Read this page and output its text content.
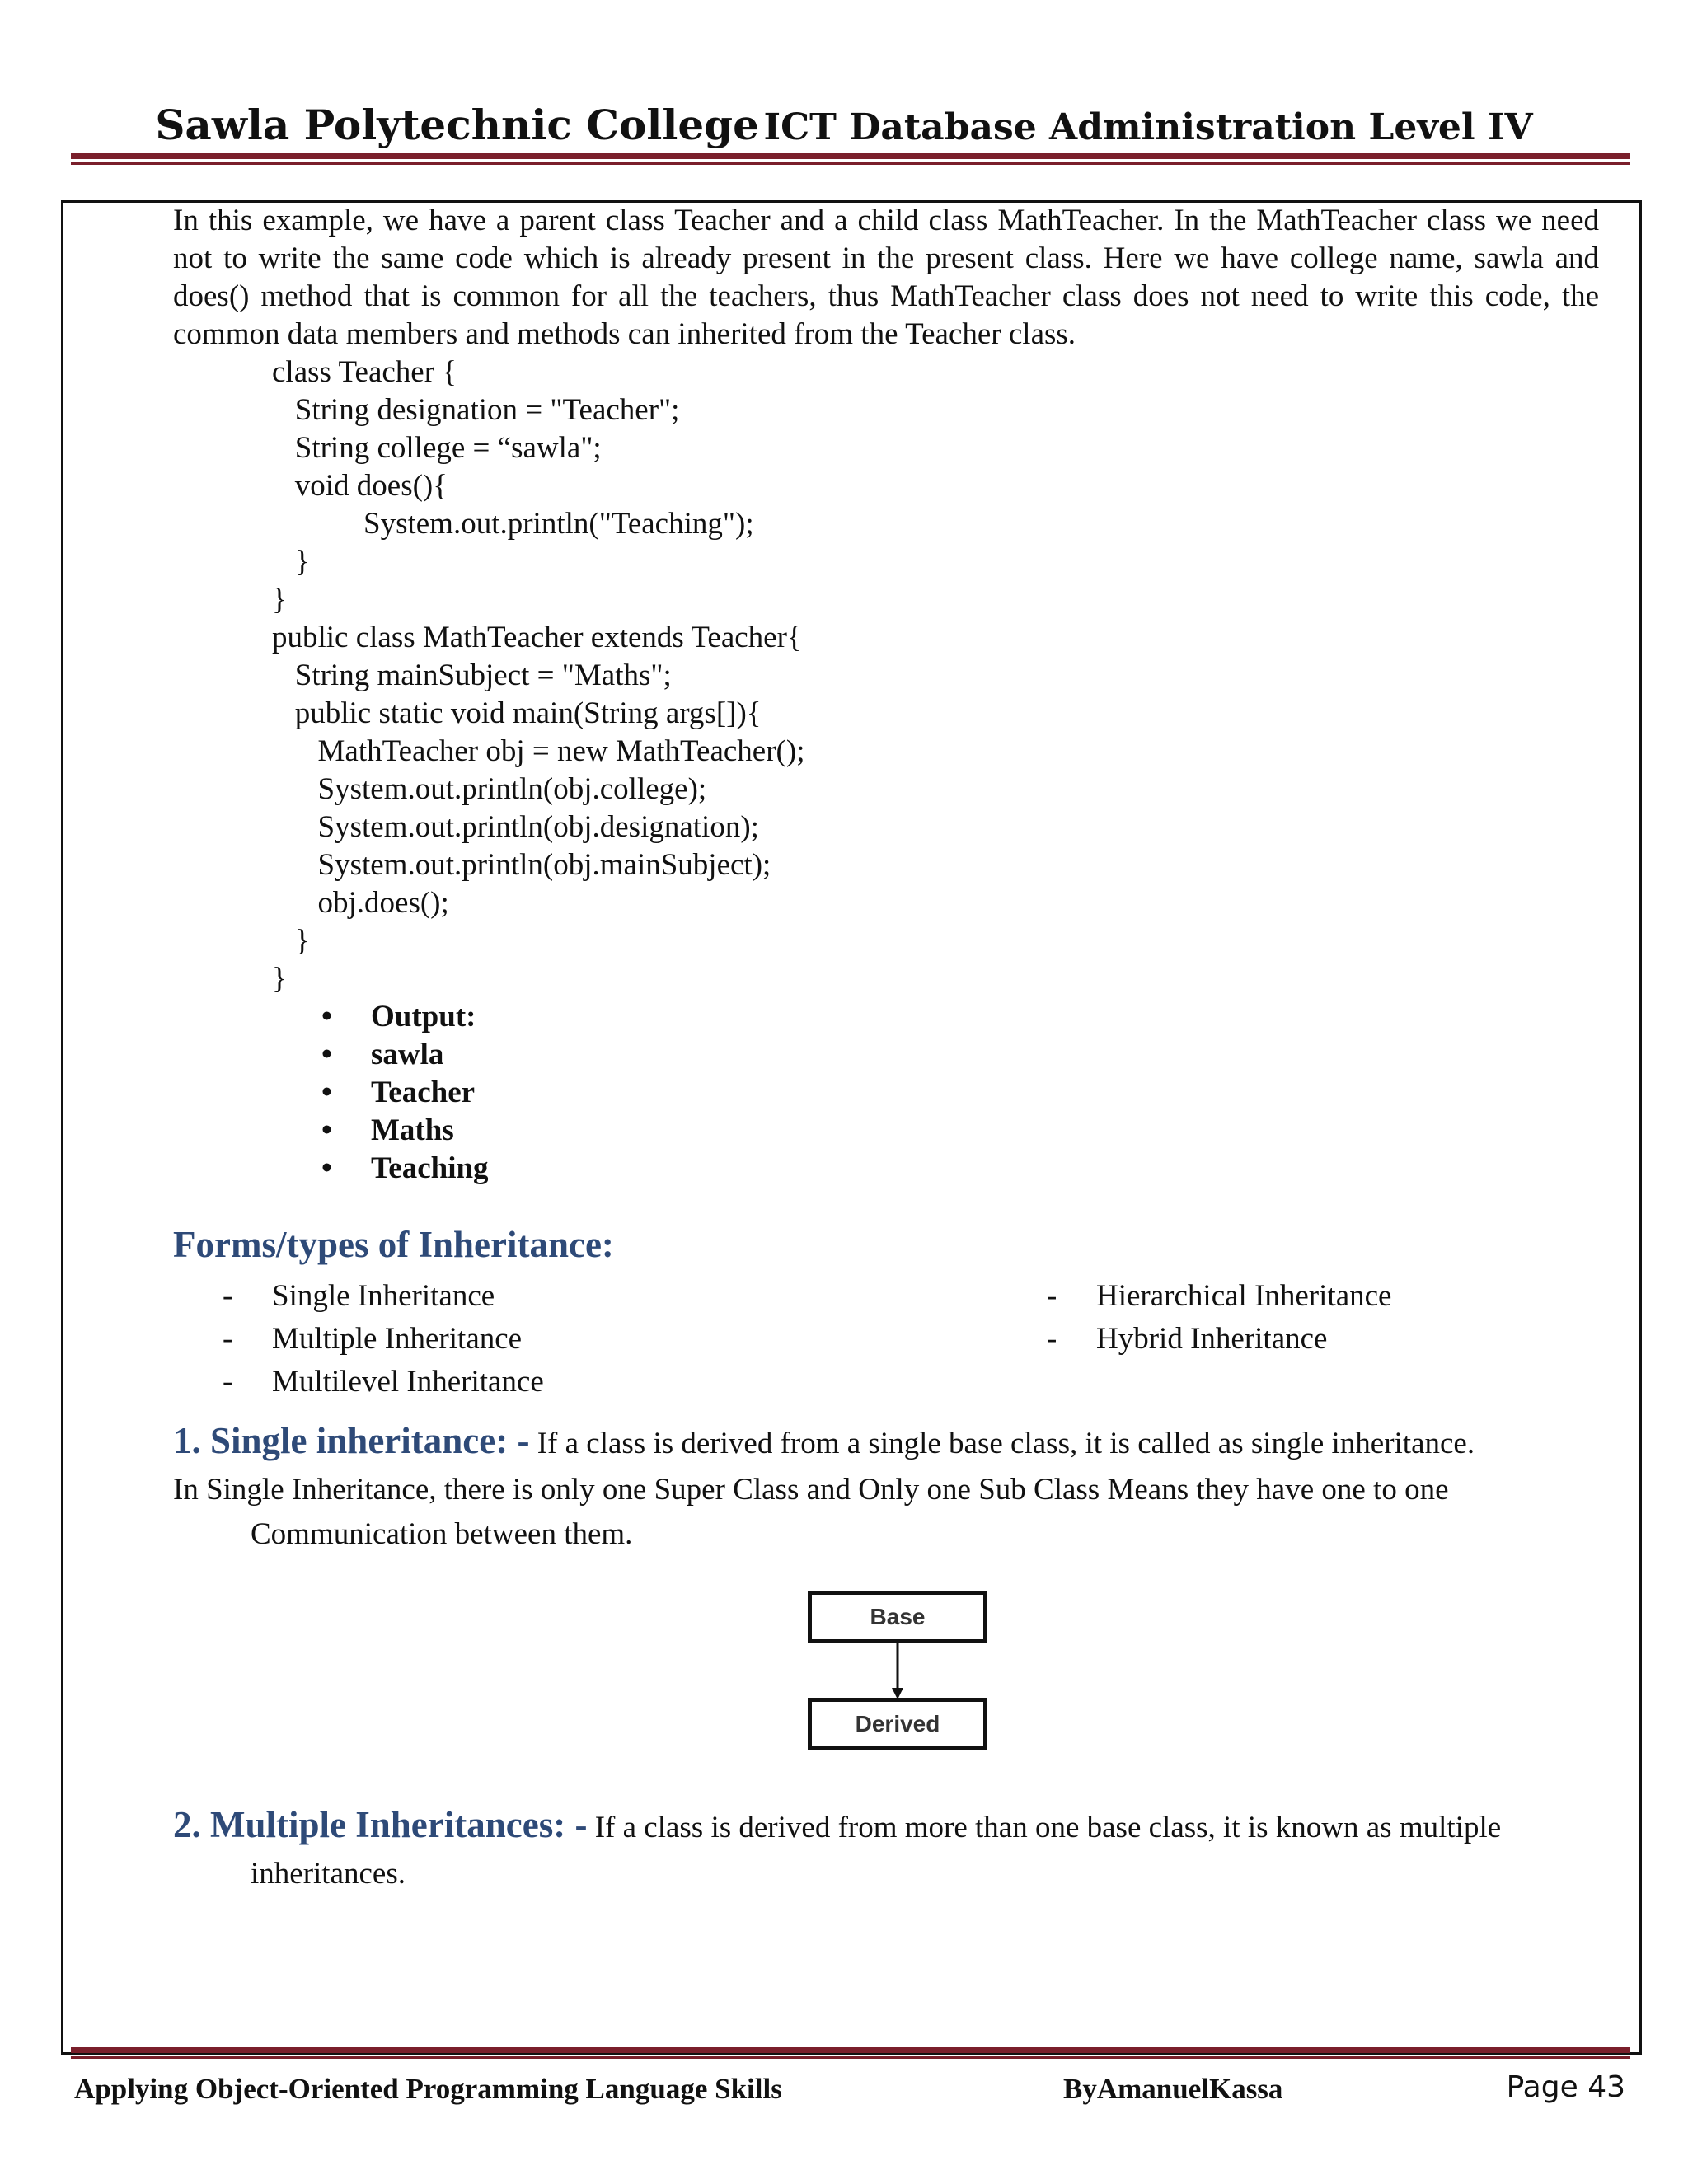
Sawla Polytechnic College ICT Database Administration Level IV

In this example, we have a parent class Teacher and a child class MathTeacher. In the MathTeacher class we need not to write the same code which is already present in the present class. Here we have college name, sawla and does() method that is common for all the teachers, thus MathTeacher class does not need to write this code, the common data members and methods can inherited from the Teacher class.

class Teacher {
String designation = "Teacher";
String college = “sawla";
void does(){
System.out.println("Teaching");
}
}
public class MathTeacher extends Teacher{
String mainSubject = "Maths";
public static void main(String args[]){
MathTeacher obj = new MathTeacher();
System.out.println(obj.college);
System.out.println(obj.designation);
System.out.println(obj.mainSubject);
obj.does();
}
}
• Output:
• sawla
• Teacher
• Maths
• Teaching
Forms/types of Inheritance:
- Single Inheritance
- Multiple Inheritance
- Multilevel Inheritance
- Hierarchical Inheritance
- Hybrid Inheritance
1. Single inheritance: - If a class is derived from a single base class, it is called as single inheritance.
In Single Inheritance, there is only one Super Class and Only one Sub Class Means they have one to one
Communication between them.
2. Multiple Inheritances: - If a class is derived from more than one base class, it is known as multiple
inheritances.
Base
Derived
Applying Object-Oriented Programming Language Skills	ByAmanuelKassa	Page 43
